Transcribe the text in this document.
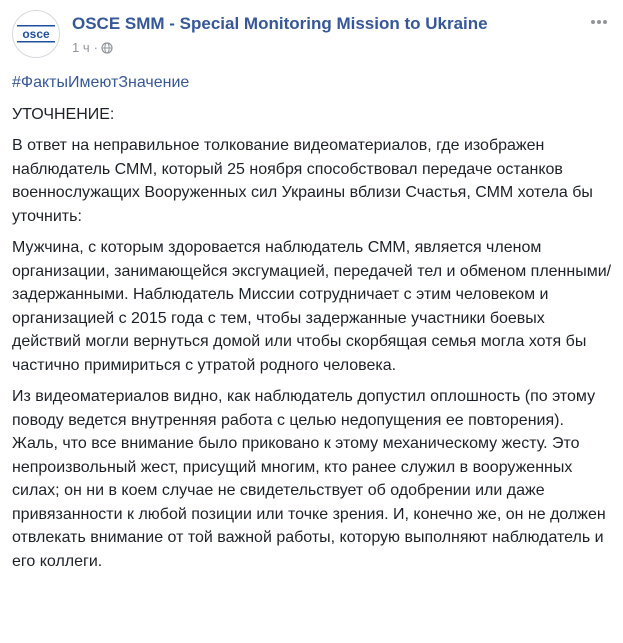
osce
OSCE SMM - Special Monitoring Mission to Ukraine
1 ч ·

#ФактыИмеютЗначение

УТОЧНЕНИЕ:

В ответ на неправильное толкование видеоматериалов, где изображен наблюдатель СММ, который 25 ноября способствовал передаче останков военнослужащих Вооруженных сил Украины вблизи Счастья, СММ хотела бы уточнить:

Мужчина, с которым здоровается наблюдатель СММ, является членом организации, занимающейся эксгумацией, передачей тел и обменом пленными/задержанными. Наблюдатель Миссии сотрудничает с этим человеком и организацией с 2015 года с тем, чтобы задержанные участники боевых действий могли вернуться домой или чтобы скорбящая семья могла хотя бы частично примириться с утратой родного человека.

Из видеоматериалов видно, как наблюдатель допустил оплошность (по этому поводу ведется внутренняя работа с целью недопущения ее повторения). Жаль, что все внимание было приковано к этому механическому жесту. Это непроизвольный жест, присущий многим, кто ранее служил в вооруженных силах; он ни в коем случае не свидетельствует об одобрении или даже привязанности к любой позиции или точке зрения. И, конечно же, он не должен отвлекать внимание от той важной работы, которую выполняют наблюдатель и его коллеги.
